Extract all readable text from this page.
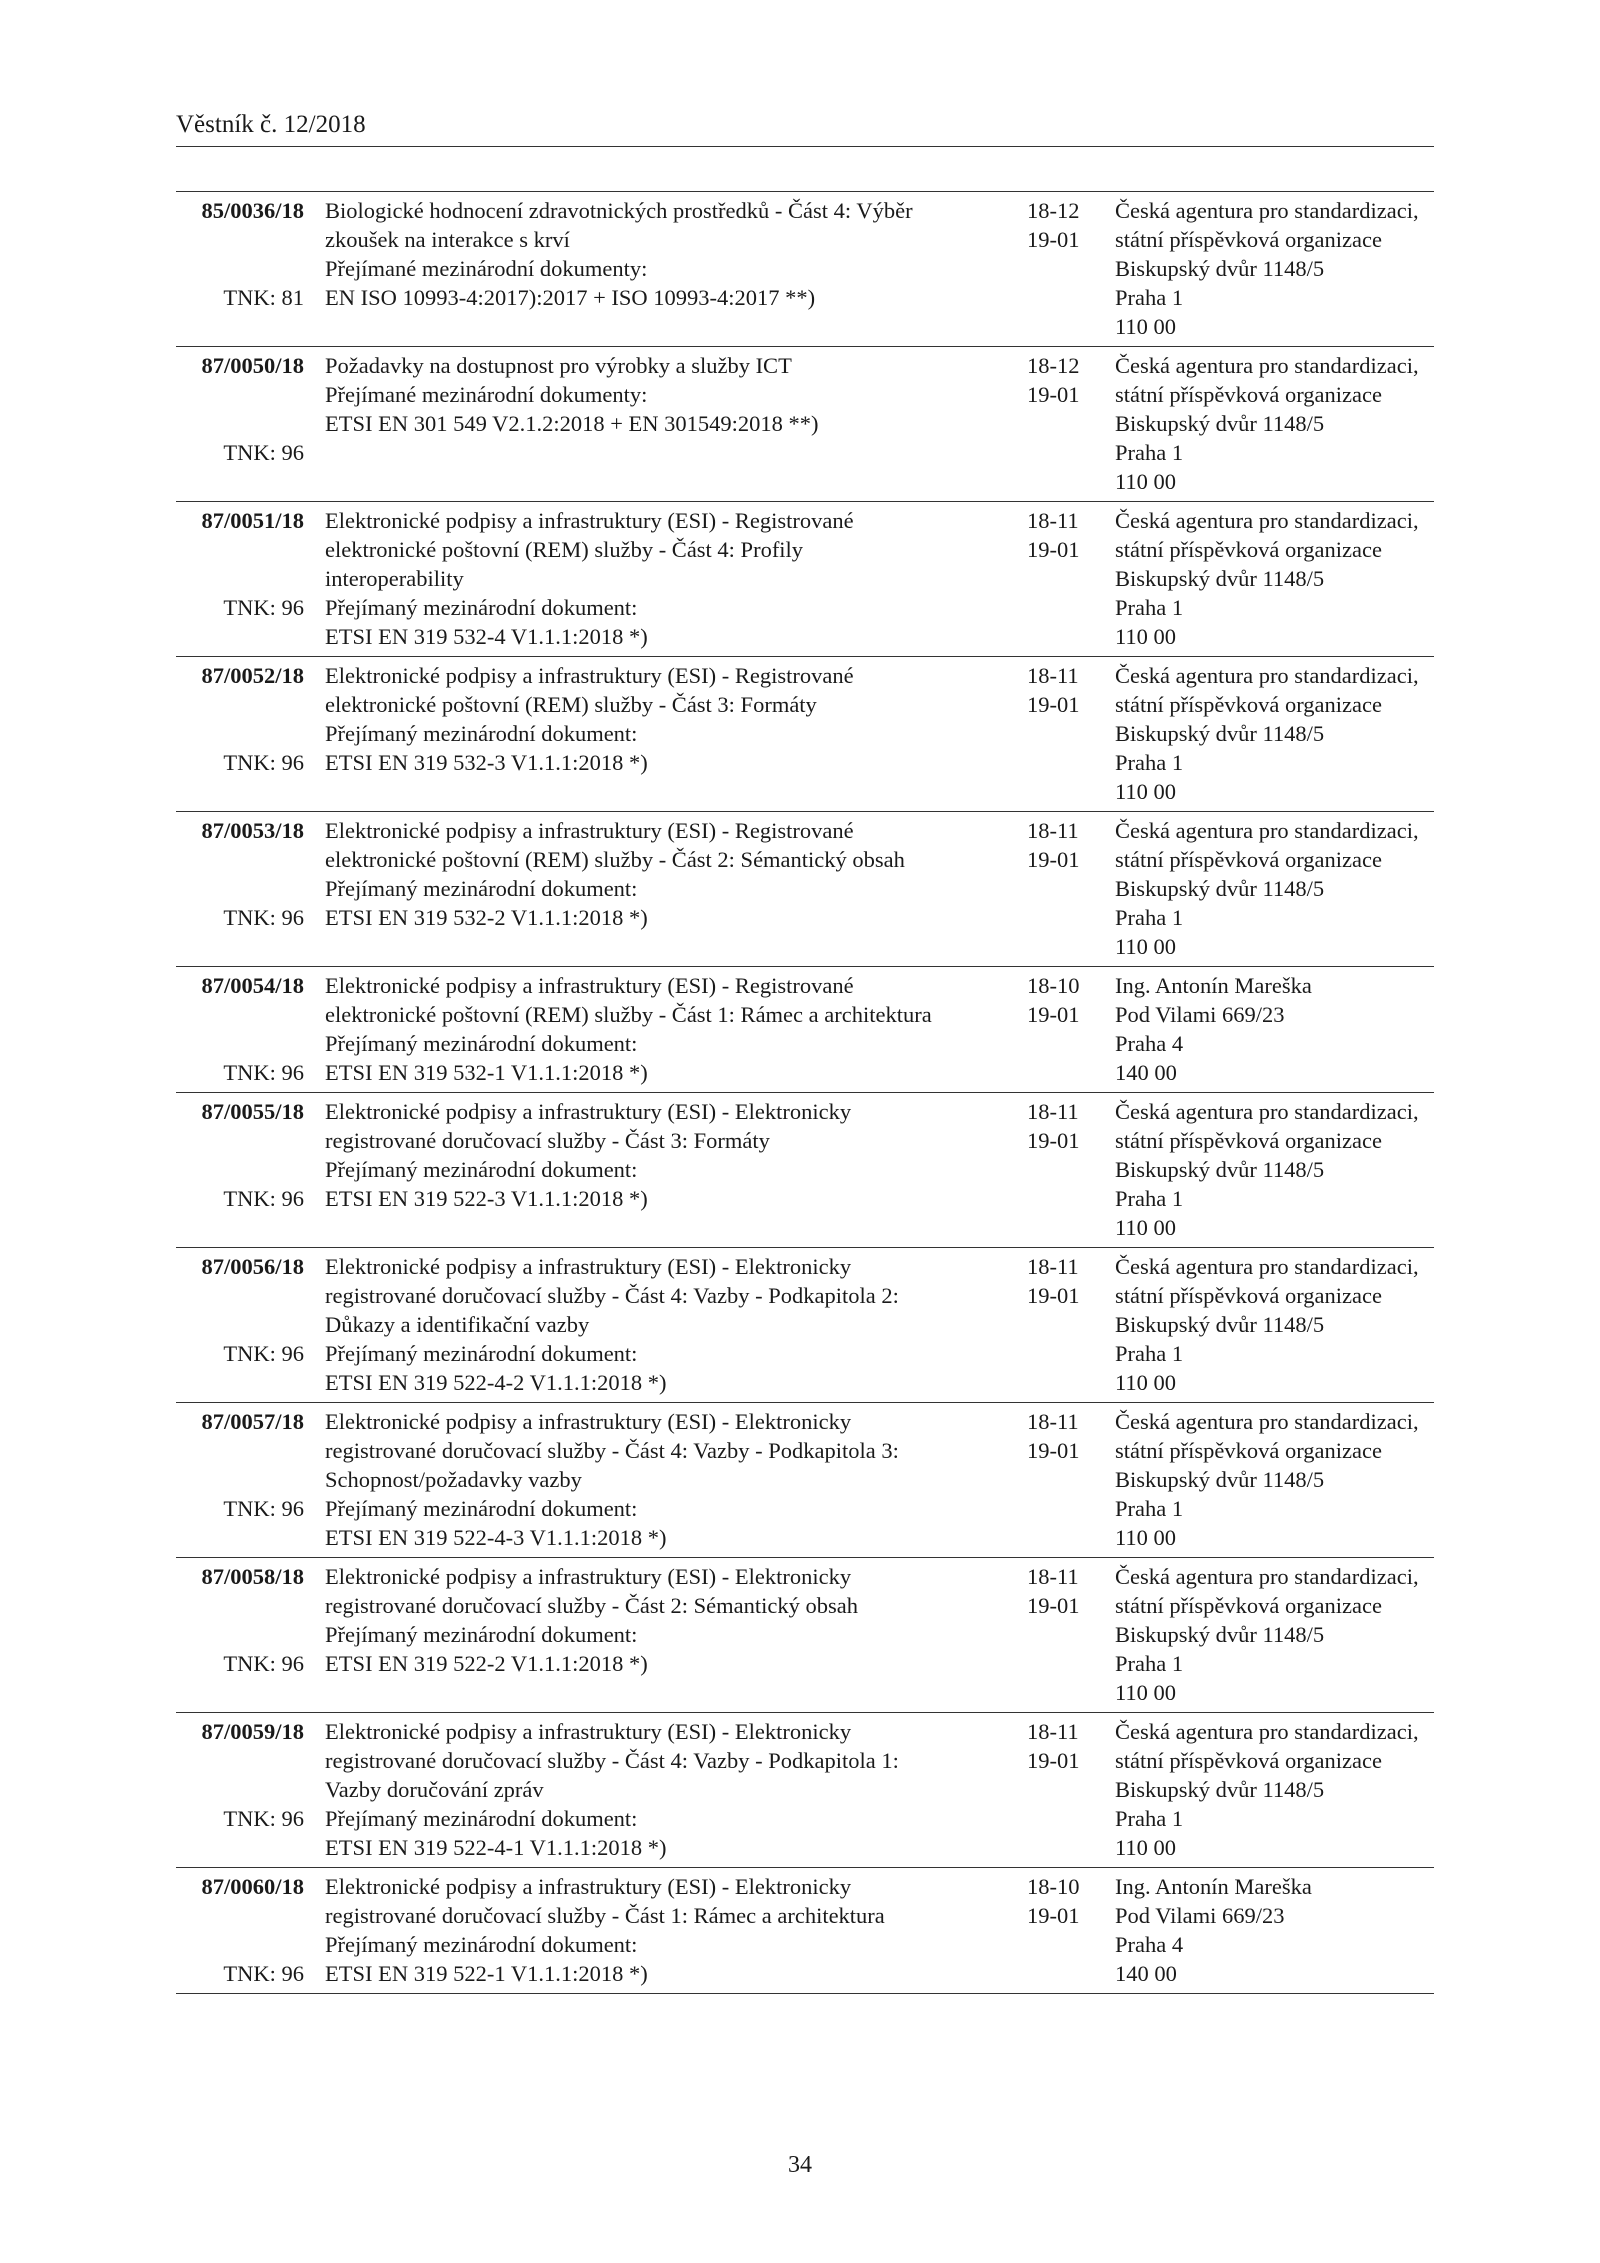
Věstník č. 12/2018
85/0036/18
TNK: 81
Biologické hodnocení zdravotnických prostředků - Část 4: Výběr
zkoušek na interakce s krví
Přejímané mezinárodní dokumenty:
EN ISO 10993-4:2017):2017 + ISO 10993-4:2017 **)
18-12
19-01
Česká agentura pro standardizaci,
státní příspěvková organizace
Biskupský dvůr 1148/5
Praha 1
110 00
87/0050/18
TNK: 96
Požadavky na dostupnost pro výrobky a služby ICT
Přejímané mezinárodní dokumenty:
ETSI EN 301 549 V2.1.2:2018 + EN 301549:2018 **)
18-12
19-01
Česká agentura pro standardizaci,
státní příspěvková organizace
Biskupský dvůr 1148/5
Praha 1
110 00
87/0051/18
TNK: 96
Elektronické podpisy a infrastruktury (ESI) - Registrované
elektronické poštovní (REM) služby - Část 4: Profily
interoperability
Přejímaný mezinárodní dokument:
ETSI EN 319 532-4 V1.1.1:2018 *)
18-11
19-01
Česká agentura pro standardizaci,
státní příspěvková organizace
Biskupský dvůr 1148/5
Praha 1
110 00
87/0052/18
TNK: 96
Elektronické podpisy a infrastruktury (ESI) - Registrované
elektronické poštovní (REM) služby - Část 3: Formáty
Přejímaný mezinárodní dokument:
ETSI EN 319 532-3 V1.1.1:2018 *)
18-11
19-01
Česká agentura pro standardizaci,
státní příspěvková organizace
Biskupský dvůr 1148/5
Praha 1
110 00
87/0053/18
TNK: 96
Elektronické podpisy a infrastruktury (ESI) - Registrované
elektronické poštovní (REM) služby - Část 2: Sémantický obsah
Přejímaný mezinárodní dokument:
ETSI EN 319 532-2 V1.1.1:2018 *)
18-11
19-01
Česká agentura pro standardizaci,
státní příspěvková organizace
Biskupský dvůr 1148/5
Praha 1
110 00
87/0054/18
TNK: 96
Elektronické podpisy a infrastruktury (ESI) - Registrované
elektronické poštovní (REM) služby - Část 1: Rámec a architektura
Přejímaný mezinárodní dokument:
ETSI EN 319 532-1 V1.1.1:2018 *)
18-10
19-01
Ing. Antonín Mareška
Pod Vilami 669/23
Praha 4
140 00
87/0055/18
TNK: 96
Elektronické podpisy a infrastruktury (ESI) - Elektronicky
registrované doručovací služby - Část 3: Formáty
Přejímaný mezinárodní dokument:
ETSI EN 319 522-3 V1.1.1:2018 *)
18-11
19-01
Česká agentura pro standardizaci,
státní příspěvková organizace
Biskupský dvůr 1148/5
Praha 1
110 00
87/0056/18
TNK: 96
Elektronické podpisy a infrastruktury (ESI) - Elektronicky
registrované doručovací služby - Část 4: Vazby - Podkapitola 2:
Důkazy a identifikační vazby
Přejímaný mezinárodní dokument:
ETSI EN 319 522-4-2 V1.1.1:2018 *)
18-11
19-01
Česká agentura pro standardizaci,
státní příspěvková organizace
Biskupský dvůr 1148/5
Praha 1
110 00
87/0057/18
TNK: 96
Elektronické podpisy a infrastruktury (ESI) - Elektronicky
registrované doručovací služby - Část 4: Vazby - Podkapitola 3:
Schopnost/požadavky vazby
Přejímaný mezinárodní dokument:
ETSI EN 319 522-4-3 V1.1.1:2018 *)
18-11
19-01
Česká agentura pro standardizaci,
státní příspěvková organizace
Biskupský dvůr 1148/5
Praha 1
110 00
87/0058/18
TNK: 96
Elektronické podpisy a infrastruktury (ESI) - Elektronicky
registrované doručovací služby - Část 2: Sémantický obsah
Přejímaný mezinárodní dokument:
ETSI EN 319 522-2 V1.1.1:2018 *)
18-11
19-01
Česká agentura pro standardizaci,
státní příspěvková organizace
Biskupský dvůr 1148/5
Praha 1
110 00
87/0059/18
TNK: 96
Elektronické podpisy a infrastruktury (ESI) - Elektronicky
registrované doručovací služby - Část 4: Vazby - Podkapitola 1:
Vazby doručování zpráv
Přejímaný mezinárodní dokument:
ETSI EN 319 522-4-1 V1.1.1:2018 *)
18-11
19-01
Česká agentura pro standardizaci,
státní příspěvková organizace
Biskupský dvůr 1148/5
Praha 1
110 00
87/0060/18
TNK: 96
Elektronické podpisy a infrastruktury (ESI) - Elektronicky
registrované doručovací služby - Část 1: Rámec a architektura
Přejímaný mezinárodní dokument:
ETSI EN 319 522-1 V1.1.1:2018 *)
18-10
19-01
Ing. Antonín Mareška
Pod Vilami 669/23
Praha 4
140 00
34
